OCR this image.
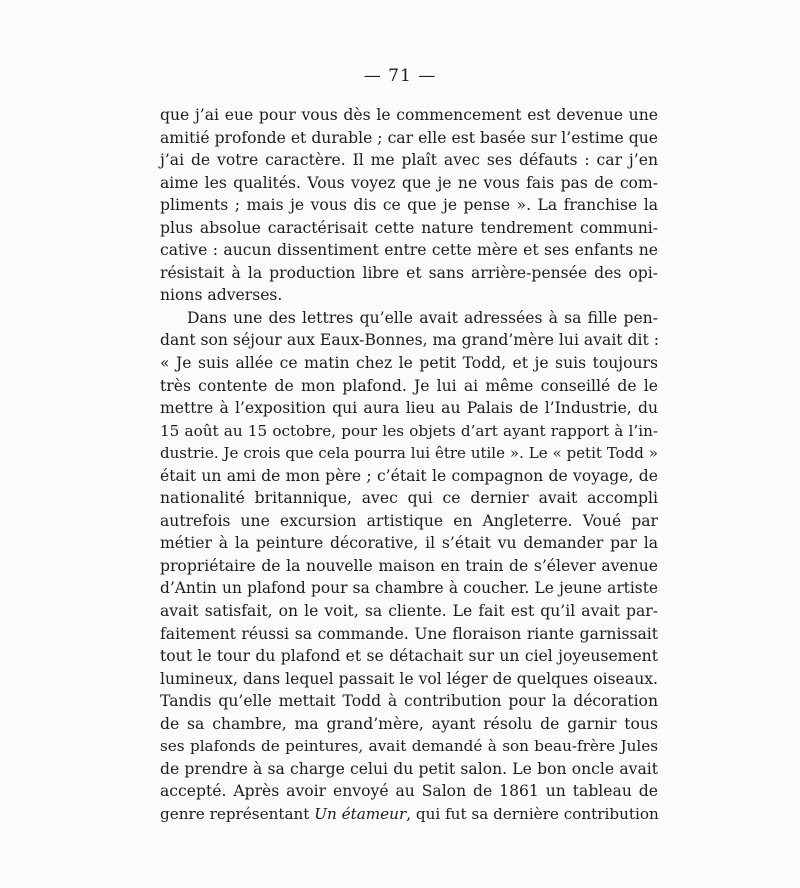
— 71 —
que j’ai eue pour vous dès le commencement est devenue une
amitié profonde et durable ; car elle est basée sur l’estime que
j’ai de votre caractère. Il me plaît avec ses défauts : car j’en
aime les qualités. Vous voyez que je ne vous fais pas de com-
pliments ; mais je vous dis ce que je pense ». La franchise la
plus absolue caractérisait cette nature tendrement communi-
cative : aucun dissentiment entre cette mère et ses enfants ne
résistait à la production libre et sans arrière-pensée des opi-
nions adverses.
Dans une des lettres qu’elle avait adressées à sa fille pen-
dant son séjour aux Eaux-Bonnes, ma grand’mère lui avait dit :
« Je suis allée ce matin chez le petit Todd, et je suis toujours
très contente de mon plafond. Je lui ai même conseillé de le
mettre à l’exposition qui aura lieu au Palais de l’Industrie, du
15 août au 15 octobre, pour les objets d’art ayant rapport à l’in-
dustrie. Je crois que cela pourra lui être utile ». Le « petit Todd »
était un ami de mon père ; c’était le compagnon de voyage, de
nationalité britannique, avec qui ce dernier avait accompli
autrefois une excursion artistique en Angleterre. Voué par
métier à la peinture décorative, il s’était vu demander par la
propriétaire de la nouvelle maison en train de s’élever avenue
d’Antin un plafond pour sa chambre à coucher. Le jeune artiste
avait satisfait, on le voit, sa cliente. Le fait est qu’il avait par-
faitement réussi sa commande. Une floraison riante garnissait
tout le tour du plafond et se détachait sur un ciel joyeusement
lumineux, dans lequel passait le vol léger de quelques oiseaux.
Tandis qu’elle mettait Todd à contribution pour la décoration
de sa chambre, ma grand’mère, ayant résolu de garnir tous
ses plafonds de peintures, avait demandé à son beau-frère Jules
de prendre à sa charge celui du petit salon. Le bon oncle avait
accepté. Après avoir envoyé au Salon de 1861 un tableau de
genre représentant Un étameur, qui fut sa dernière contribution
